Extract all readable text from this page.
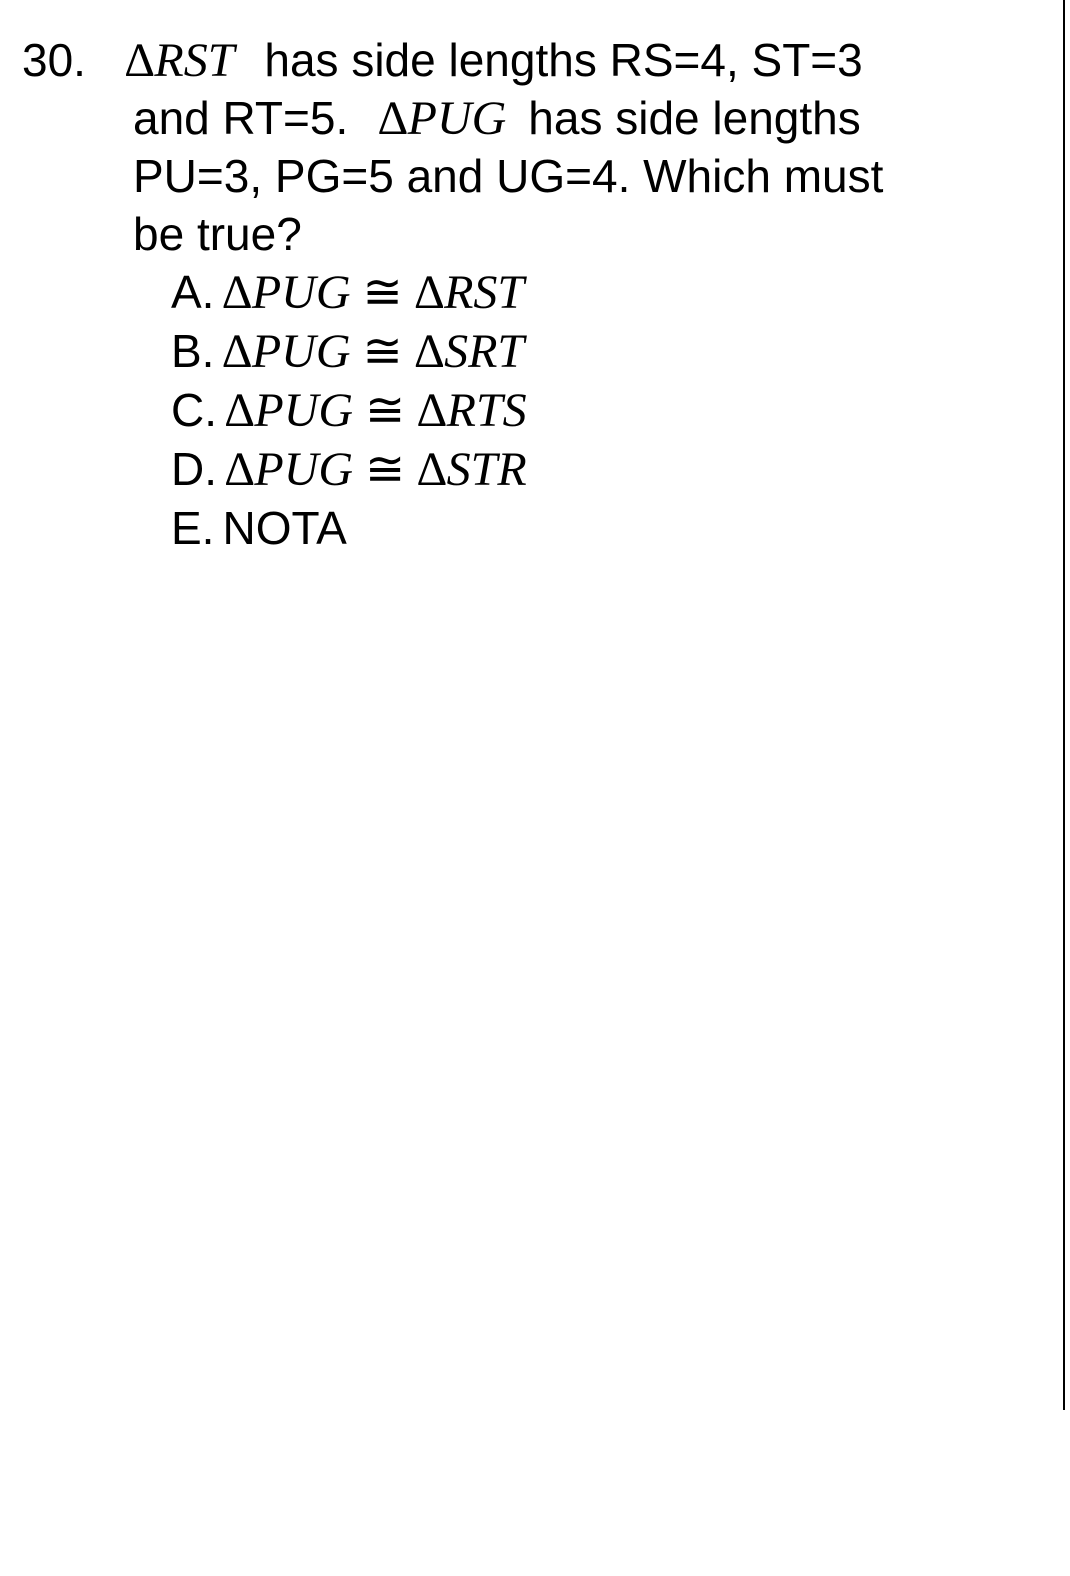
30. ∆RST has side lengths RS=4, ST=3
and RT=5. ∆PUG has side lengths
PU=3, PG=5 and UG=4. Which must
be true?
A. ∆PUG ≅ ∆RST
B. ∆PUG ≅ ∆SRT
C. ∆PUG ≅ ∆RTS
D. ∆PUG ≅ ∆STR
E. NOTA
